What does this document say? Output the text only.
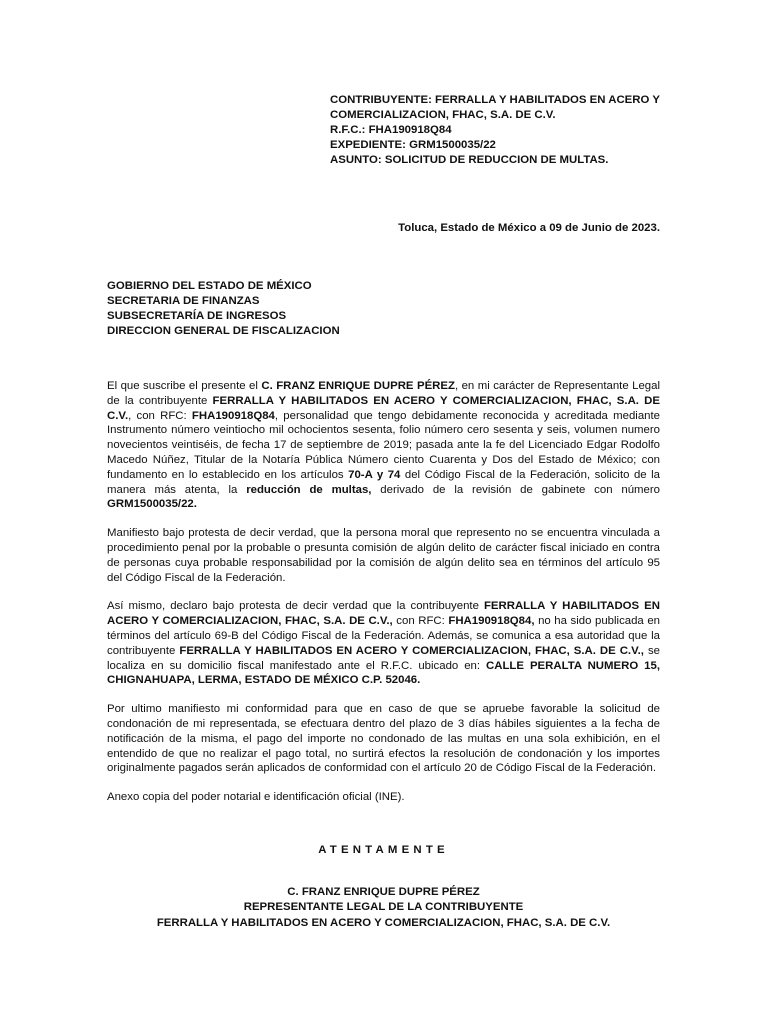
CONTRIBUYENTE: FERRALLA Y HABILITADOS EN ACERO Y
COMERCIALIZACION, FHAC, S.A. DE C.V.
R.F.C.: FHA190918Q84
EXPEDIENTE: GRM1500035/22
ASUNTO: SOLICITUD DE REDUCCION DE MULTAS.
Toluca, Estado de México a 09 de Junio de 2023.
GOBIERNO DEL ESTADO DE MÉXICO
SECRETARIA DE FINANZAS
SUBSECRETARÍA DE INGRESOS
DIRECCION GENERAL DE FISCALIZACION

El que suscribe el presente el C. FRANZ ENRIQUE DUPRE PÉREZ, en mi carácter de Representante Legal de la contribuyente FERRALLA Y HABILITADOS EN ACERO Y COMERCIALIZACION, FHAC, S.A. DE C.V., con RFC: FHA190918Q84, personalidad que tengo debidamente reconocida y acreditada mediante Instrumento número veintiocho mil ochocientos sesenta, folio número cero sesenta y seis, volumen numero novecientos veintiséis, de fecha 17 de septiembre de 2019; pasada ante la fe del Licenciado Edgar Rodolfo Macedo Núñez, Titular de la Notaría Pública Número ciento Cuarenta y Dos del Estado de México; con fundamento en lo establecido en los artículos 70-A y 74 del Código Fiscal de la Federación, solicito de la manera más atenta, la reducción de multas, derivado de la revisión de gabinete con número GRM1500035/22.

Manifiesto bajo protesta de decir verdad, que la persona moral que represento no se encuentra vinculada a procedimiento penal por la probable o presunta comisión de algún delito de carácter fiscal iniciado en contra de personas cuya probable responsabilidad por la comisión de algún delito sea en términos del artículo 95 del Código Fiscal de la Federación.

Así mismo, declaro bajo protesta de decir verdad que la contribuyente FERRALLA Y HABILITADOS EN ACERO Y COMERCIALIZACION, FHAC, S.A. DE C.V., con RFC: FHA190918Q84, no ha sido publicada en términos del artículo 69-B del Código Fiscal de la Federación. Además, se comunica a esa autoridad que la contribuyente FERRALLA Y HABILITADOS EN ACERO Y COMERCIALIZACION, FHAC, S.A. DE C.V., se localiza en su domicilio fiscal manifestado ante el R.F.C. ubicado en: CALLE PERALTA NUMERO 15, CHIGNAHUAPA, LERMA, ESTADO DE MÉXICO C.P. 52046.

Por ultimo manifiesto mi conformidad para que en caso de que se apruebe favorable la solicitud de condonación de mi representada, se efectuara dentro del plazo de 3 días hábiles siguientes a la fecha de notificación de la misma, el pago del importe no condonado de las multas en una sola exhibición, en el entendido de que no realizar el pago total, no surtirá efectos la resolución de condonación y los importes originalmente pagados serán aplicados de conformidad con el artículo 20 de Código Fiscal de la Federación.

Anexo copia del poder notarial e identificación oficial (INE).

ATENTAMENTE
C. FRANZ ENRIQUE DUPRE PÉREZ
REPRESENTANTE LEGAL DE LA CONTRIBUYENTE
FERRALLA Y HABILITADOS EN ACERO Y COMERCIALIZACION, FHAC, S.A. DE C.V.
